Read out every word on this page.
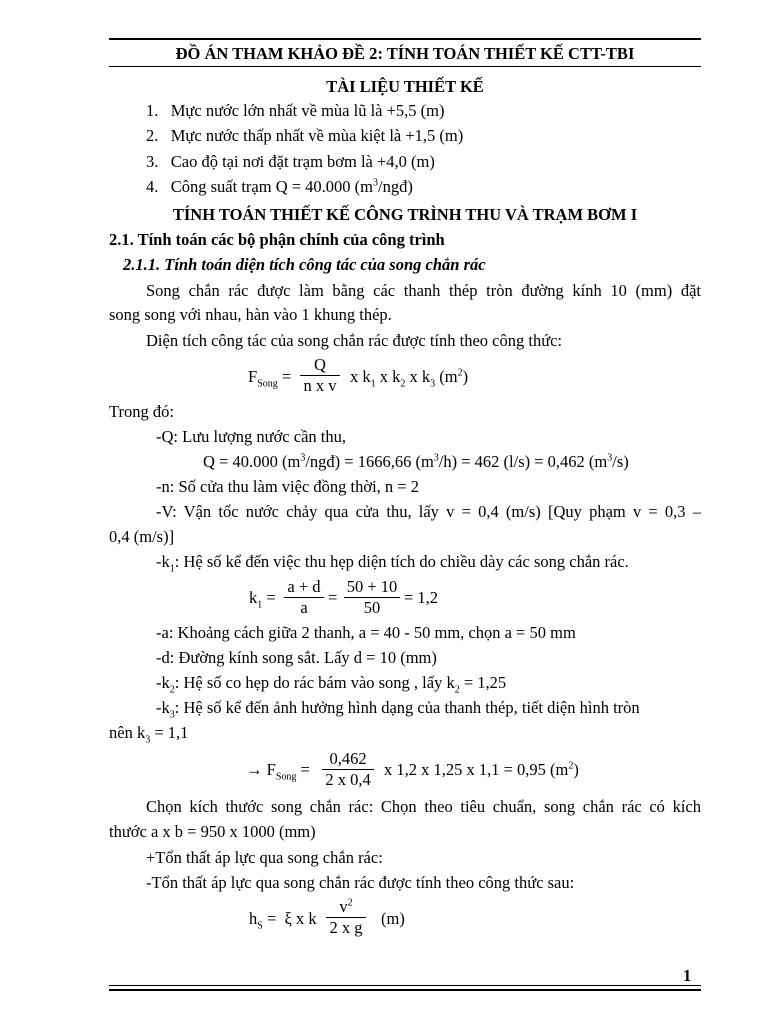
ĐỒ ÁN THAM KHẢO ĐỀ 2: TÍNH TOÁN THIẾT KẾ CTT-TBI
TÀI LIỆU THIẾT KẾ
1. Mực nước lớn nhất về mùa lũ là +5,5 (m)
2. Mực nước thấp nhất về mùa kiệt là +1,5 (m)
3. Cao độ tại nơi đặt trạm bơm là +4,0 (m)
4. Công suất trạm Q = 40.000 $(m^3/ngđ)$
TÍNH TOÁN THIẾT KẾ CÔNG TRÌNH THU VÀ TRẠM BƠM I
2.1. Tính toán các bộ phận chính của công trình
2.1.1. Tính toán diện tích công tác của song chắn rác
Song chắn rác được làm bằng các thanh thép tròn đường kính 10 (mm) đặt
song song với nhau, hàn vào 1 khung thép.
Diện tích công tác của song chắn rác được tính theo công thức:
$F_{Song} = \frac{Q}{\text{n x v}}$ x $k_1$ x $k_2$ x $k_3$ $(m^2)$
Trong đó:
-Q: Lưu lượng nước cần thu,
Q = 40.000 $(m^3/ngđ) = 1666,66$ $(m^3/h) = 462$ (l/s) = 0,462 $(m^3/s)$
-n: Số cửa thu làm việc đồng thời, n = 2
-V: Vận tốc nước chảy qua cửa thu, lấy v = 0,4 (m/s) [Quy phạm v = 0,3 –
0,4 (m/s)]
$-k_1$: Hệ số kể đến việc thu hẹp diện tích do chiều dày các song chắn rác.
$k_1 = \frac{a + d}{a} = \frac{50 + 10}{50} = 1,2$
-a: Khoảng cách giữa 2 thanh, a = 40 - 50 mm, chọn a = 50 mm
-d: Đường kính song sắt. Lấy d = 10 (mm)
$-k_2$: Hệ số co hẹp do rác bám vào song , lấy $k_2 = 1,25$
$-k_3$: Hệ số kể đến ảnh hưởng hình dạng của thanh thép, tiết diện hình tròn
nên $k_3 = 1,1$
→ $F_{Song} = \frac{0,462}{2 x 0,4}$ x 1,2 x 1,25 x 1,1 = 0,95 $(m^2)$
Chọn kích thước song chắn rác: Chọn theo tiêu chuẩn, song chắn rác có kích
thước a x b = 950 x 1000 (mm)
+Tổn thất áp lực qua song chắn rác:
-Tổn thất áp lực qua song chắn rác được tính theo công thức sau:
$h_S = \xi$ x k $\frac{v^2}{\text{2 x g}} (m)$
1
